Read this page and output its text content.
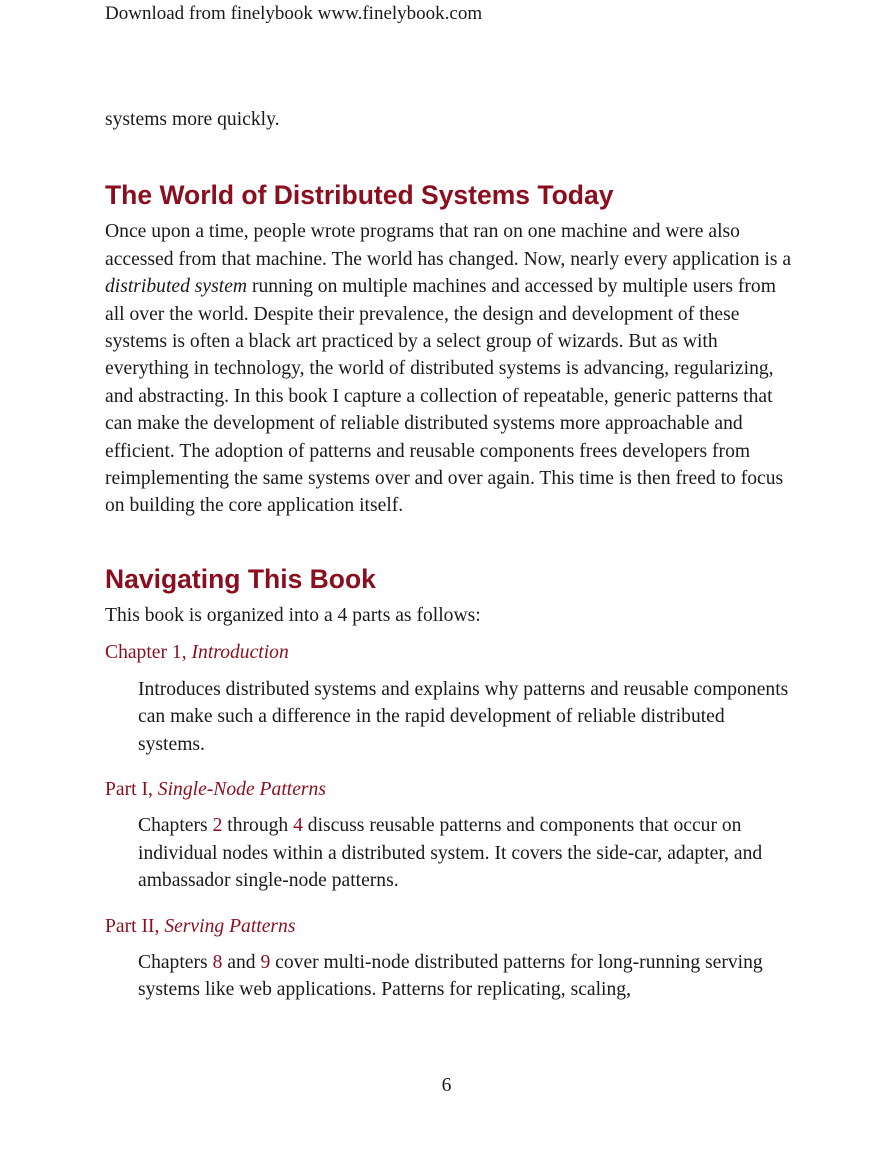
Download from finelybook www.finelybook.com

systems more quickly.

The World of Distributed Systems Today

Once upon a time, people wrote programs that ran on one machine and were also accessed from that machine. The world has changed. Now, nearly every application is a distributed system running on multiple machines and accessed by multiple users from all over the world. Despite their prevalence, the design and development of these systems is often a black art practiced by a select group of wizards. But as with everything in technology, the world of distributed systems is advancing, regularizing, and abstracting. In this book I capture a collection of repeatable, generic patterns that can make the development of reliable distributed systems more approachable and efficient. The adoption of patterns and reusable components frees developers from reimplementing the same systems over and over again. This time is then freed to focus on building the core application itself.

Navigating This Book

This book is organized into a 4 parts as follows:

Chapter 1, Introduction

Introduces distributed systems and explains why patterns and reusable components can make such a difference in the rapid development of reliable distributed systems.

Part I, Single-Node Patterns

Chapters 2 through 4 discuss reusable patterns and components that occur on individual nodes within a distributed system. It covers the side-car, adapter, and ambassador single-node patterns.

Part II, Serving Patterns

Chapters 8 and 9 cover multi-node distributed patterns for long-running serving systems like web applications. Patterns for replicating, scaling,

6
